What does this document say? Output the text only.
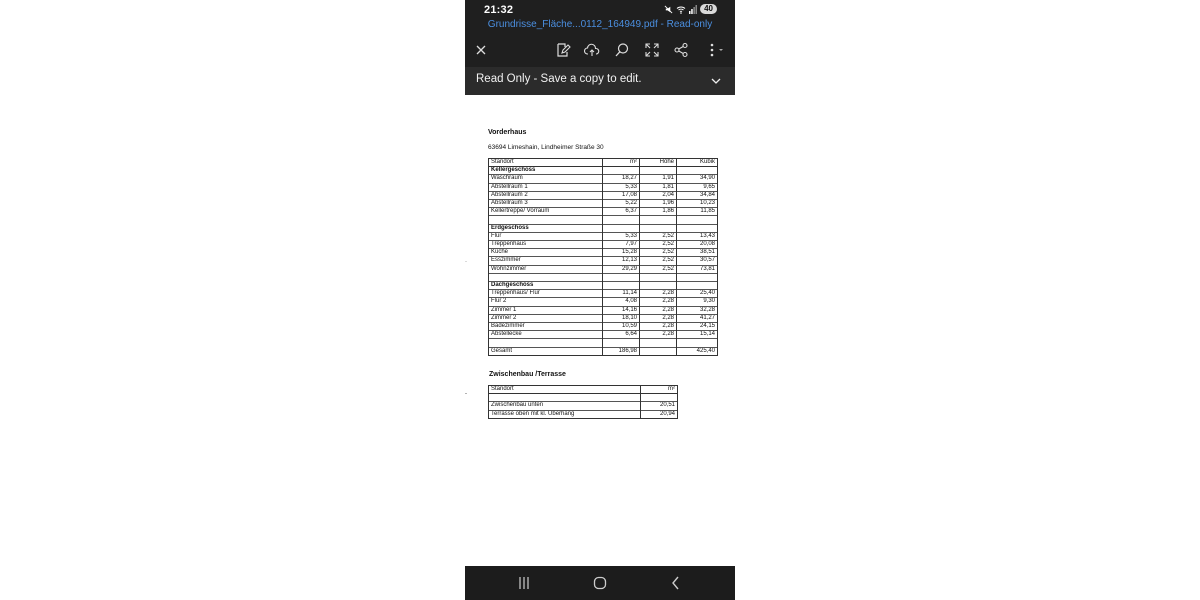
21:32	40
Grundrisse_Fläche...0112_164949.pdf - Read-only
Read Only - Save a copy to edit.
Vorderhaus
63694 Limeshain, Lindheimer Straße 30
Standort	m²	Höhe	Kubik
Kellergeschoss			
Waschraum	18,27	1,91	34,90
Abstellraum 1	5,33	1,81	9,65
Abstellraum 2	17,08	2,04	34,84
Abstellraum 3	5,22	1,96	10,23
Kellertreppe/ Vorraum	6,37	1,86	11,85

Erdgeschoss			
Flur	5,33	2,52	13,43
Treppenhaus	7,97	2,52	20,08
Küche	15,28	2,52	38,51
Esszimmer	12,13	2,52	30,57
Wohnzimmer	29,29	2,52	73,81

Dachgeschoss			
Treppenhaus/ Flur	11,14	2,28	25,40
Flur 2	4,08	2,28	9,30
Zimmer 1	14,16	2,28	32,28
Zimmer 2	18,10	2,28	41,27
Badezimmer	10,59	2,28	24,15
Abstellecke	6,64	2,28	15,14

Gesamt	186,98		425,40
Zwischenbau /Terrasse
Standort	m²

Zwischenbau unten	20,51
Terrasse oben mit kl. Überhang	20,94
·
-
